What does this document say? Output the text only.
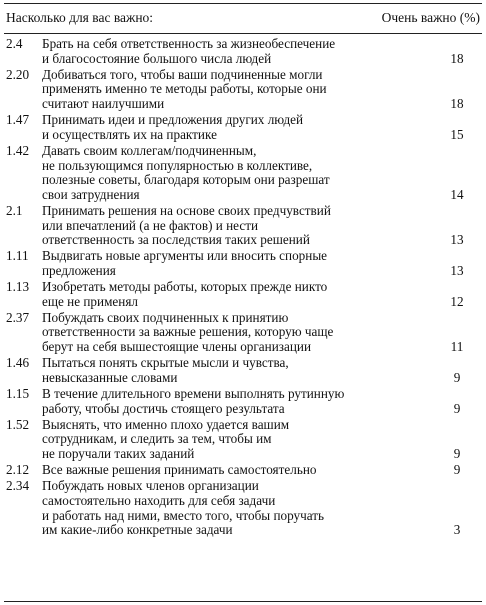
Насколько для вас важно:	Очень важно (%)
2.4	Брать на себя ответственность за жизнеобеспечение
и благосостояние большого числа людей	18
2.20 Добиваться того, чтобы ваши подчиненные могли
применять именно те методы работы, которые они
считают наилучшими	18
1.47 Принимать идеи и предложения других людей
и осуществлять их на практике	15
1.42 Давать своим коллегам/подчиненным,
не пользующимся популярностью в коллективе,
полезные советы, благодаря которым они разрешат
свои затруднения	14
2.1	Принимать решения на основе своих предчувствий
или впечатлений (а не фактов) и нести
ответственность за последствия таких решений	13
1.11	Выдвигать новые аргументы или вносить спорные
предложения	13
1.13 Изобретать методы работы, которых прежде никто
еще не применял	12
2.37 Побуждать своих подчиненных к принятию
ответственности за важные решения, которую чаще
берут на себя вышестоящие члены организации	11
1.46 Пытаться понять скрытые мысли и чувства,
невысказанные словами	9
1.15 В течение длительного времени выполнять рутинную
работу, чтобы достичь стоящего результата	9
1.52 Выяснять, что именно плохо удается вашим
сотрудникам, и следить за тем, чтобы им
не поручали таких заданий	9
2.12 Все важные решения принимать самостоятельно	9
2.34 Побуждать новых членов организации
самостоятельно находить для себя задачи
и работать над ними, вместо того, чтобы поручать
им какие-либо конкретные задачи	3
